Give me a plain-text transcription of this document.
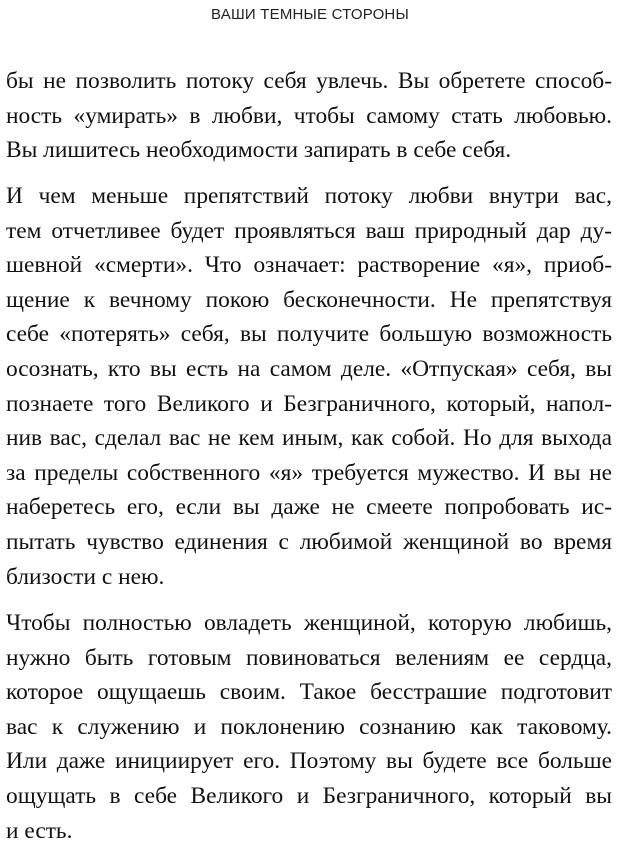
ВАШИ ТЕМНЫЕ СТОРОНЫ
бы не позволить потоку себя увлечь. Вы обретете способ-
ность «умирать» в любви, чтобы самому стать любовью.
Вы лишитесь необходимости запирать в себе себя.
И чем меньше препятствий потоку любви внутри вас,
тем отчетливее будет проявляться ваш природный дар ду-
шевной «смерти». Что означает: растворение «я», приоб-
щение к вечному покою бесконечности. Не препятствуя
себе «потерять» себя, вы получите большую возможность
осознать, кто вы есть на самом деле. «Отпуская» себя, вы
познаете того Великого и Безграничного, который, напол-
нив вас, сделал вас не кем иным, как собой. Но для выхода
за пределы собственного «я» требуется мужество. И вы не
наберетесь его, если вы даже не смеете попробовать ис-
пытать чувство единения с любимой женщиной во время
близости с нею.
Чтобы полностью овладеть женщиной, которую любишь,
нужно быть готовым повиноваться велениям ее сердца,
которое ощущаешь своим. Такое бесстрашие подготовит
вас к служению и поклонению сознанию как таковому.
Или даже инициирует его. Поэтому вы будете все больше
ощущать в себе Великого и Безграничного, который вы
и есть.
